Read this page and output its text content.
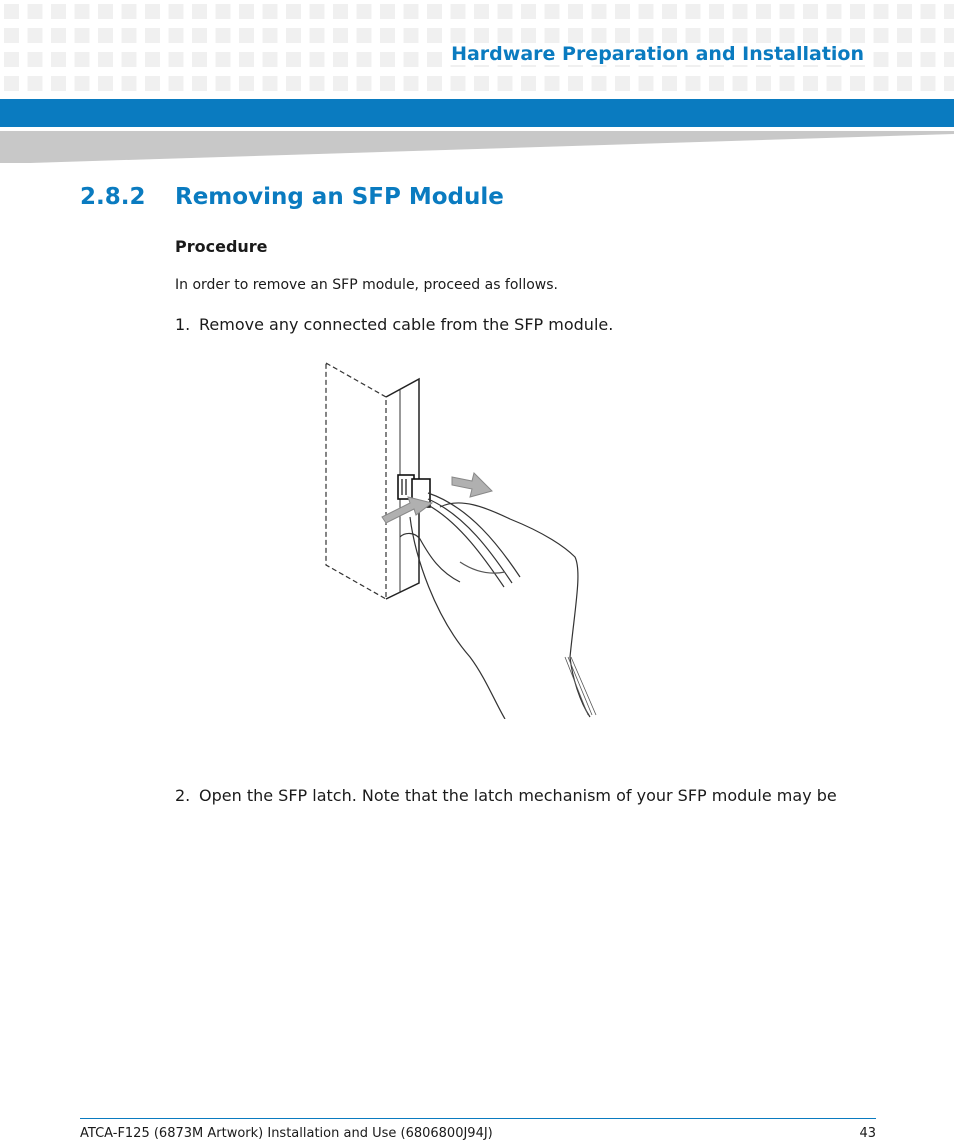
Hardware Preparation and Installation
2.8.2 Removing an SFP Module
Procedure
In order to remove an SFP module, proceed as follows.
1. Remove any connected cable from the SFP module.
2. Open the SFP latch. Note that the latch mechanism of your SFP module may be
ATCA-F125 (6873M Artwork) Installation and Use (6806800J94J)	43
